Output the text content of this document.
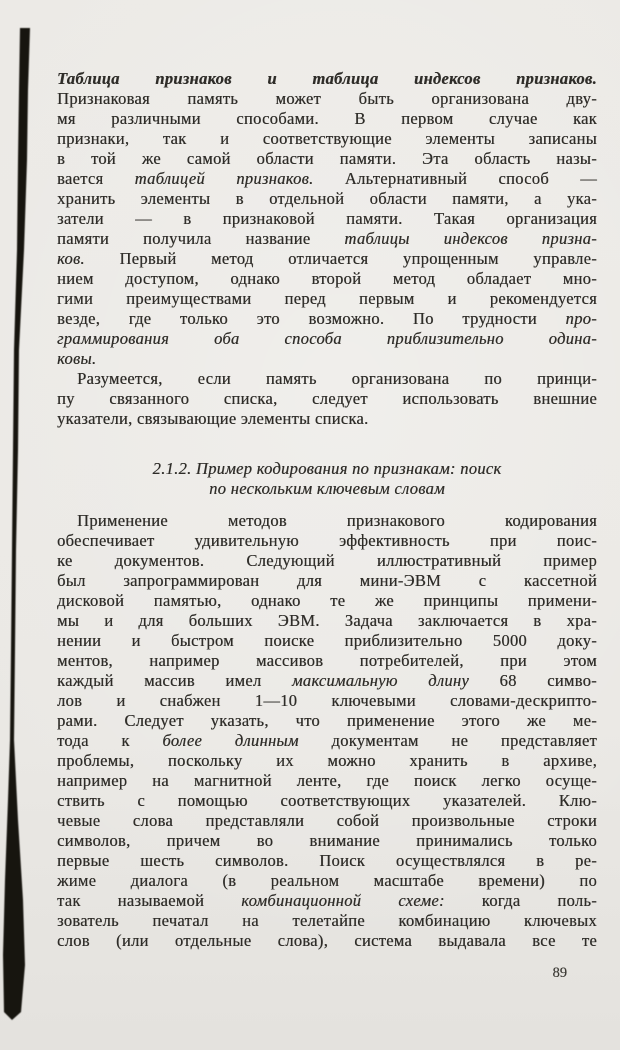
Таблица признаков и таблица индексов признаков.
Признаковая память может быть организована дву-
мя различными способами. В первом случае как
признаки, так и соответствующие элементы записаны
в той же самой области памяти. Эта область назы-
вается таблицей признаков. Альтернативный способ —
хранить элементы в отдельной области памяти, а ука-
затели — в признаковой памяти. Такая организация
памяти получила название таблицы индексов призна-
ков. Первый метод отличается упрощенным управле-
нием доступом, однако второй метод обладает мно-
гими преимуществами перед первым и рекомендуется
везде, где только это возможно. По трудности про-
граммирования оба способа приблизительно одина-
ковы.
Разумеется, если память организована по принци-
пу связанного списка, следует использовать внешние
указатели, связывающие элементы списка.
2.1.2. Пример кодирования по признакам: поиск
по нескольким ключевым словам
Применение методов признакового кодирования
обеспечивает удивительную эффективность при поис-
ке документов. Следующий иллюстративный пример
был запрограммирован для мини-ЭВМ с кассетной
дисковой памятью, однако те же принципы примени-
мы и для больших ЭВМ. Задача заключается в хра-
нении и быстром поиске приблизительно 5000 доку-
ментов, например массивов потребителей, при этом
каждый массив имел максимальную длину 68 симво-
лов и снабжен 1—10 ключевыми словами-дескрипто-
рами. Следует указать, что применение этого же ме-
тода к более длинным документам не представляет
проблемы, поскольку их можно хранить в архиве,
например на магнитной ленте, где поиск легко осуще-
ствить с помощью соответствующих указателей. Клю-
чевые слова представляли собой произвольные строки
символов, причем во внимание принимались только
первые шесть символов. Поиск осуществлялся в ре-
жиме диалога (в реальном масштабе времени) по
так называемой комбинационной схеме: когда поль-
зователь печатал на телетайпе комбинацию ключевых
слов (или отдельные слова), система выдавала все те
89
